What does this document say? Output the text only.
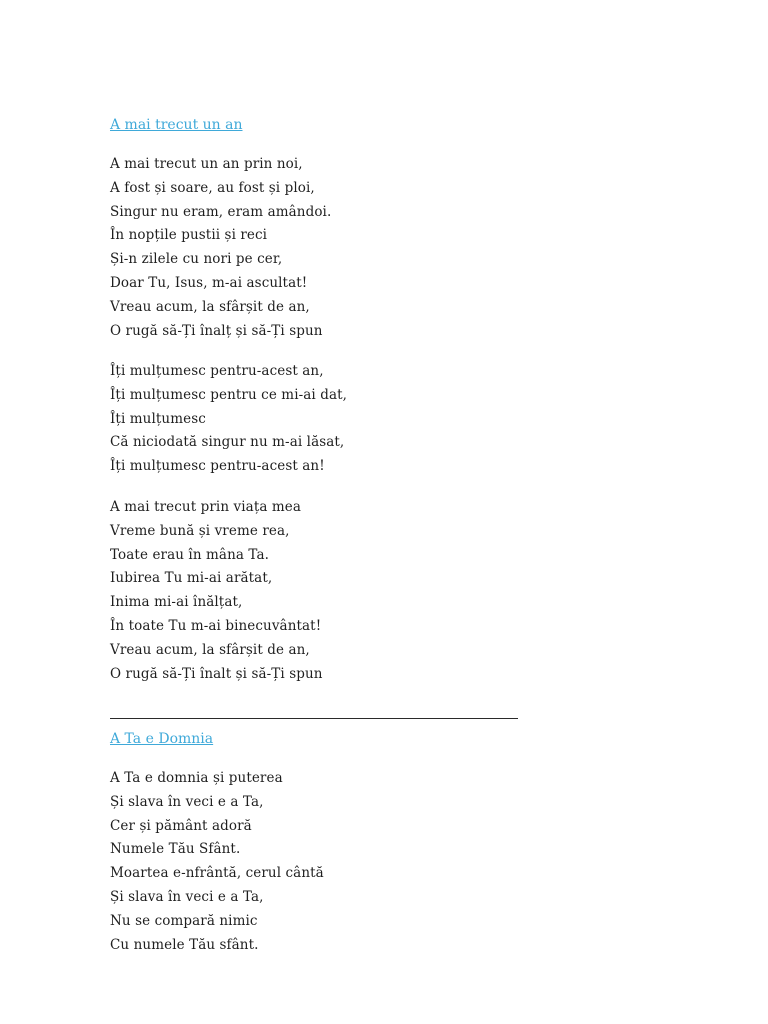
A mai trecut un an
A mai trecut un an prin noi,
A fost și soare, au fost și ploi,
Singur nu eram, eram amândoi.
În nopțile pustii și reci
Și-n zilele cu nori pe cer,
Doar Tu, Isus, m-ai ascultat!
Vreau acum, la sfârșit de an,
O rugă să-Ți înalț și să-Ți spun
Îți mulțumesc pentru-acest an,
Îți mulțumesc pentru ce mi-ai dat,
Îți mulțumesc
Că niciodată singur nu m-ai lăsat,
Îți mulțumesc pentru-acest an!
A mai trecut prin viața mea
Vreme bună și vreme rea,
Toate erau în mâna Ta.
Iubirea Tu mi-ai arătat,
Inima mi-ai înălțat,
În toate Tu m-ai binecuvântat!
Vreau acum, la sfârșit de an,
O rugă să-Ți înalt și să-Ți spun
A Ta e Domnia
A Ta e domnia și puterea
Și slava în veci e a Ta,
Cer și pământ adoră
Numele Tău Sfânt.
Moartea e-nfrântă, cerul cântă
Și slava în veci e a Ta,
Nu se compară nimic
Cu numele Tău sfânt.
